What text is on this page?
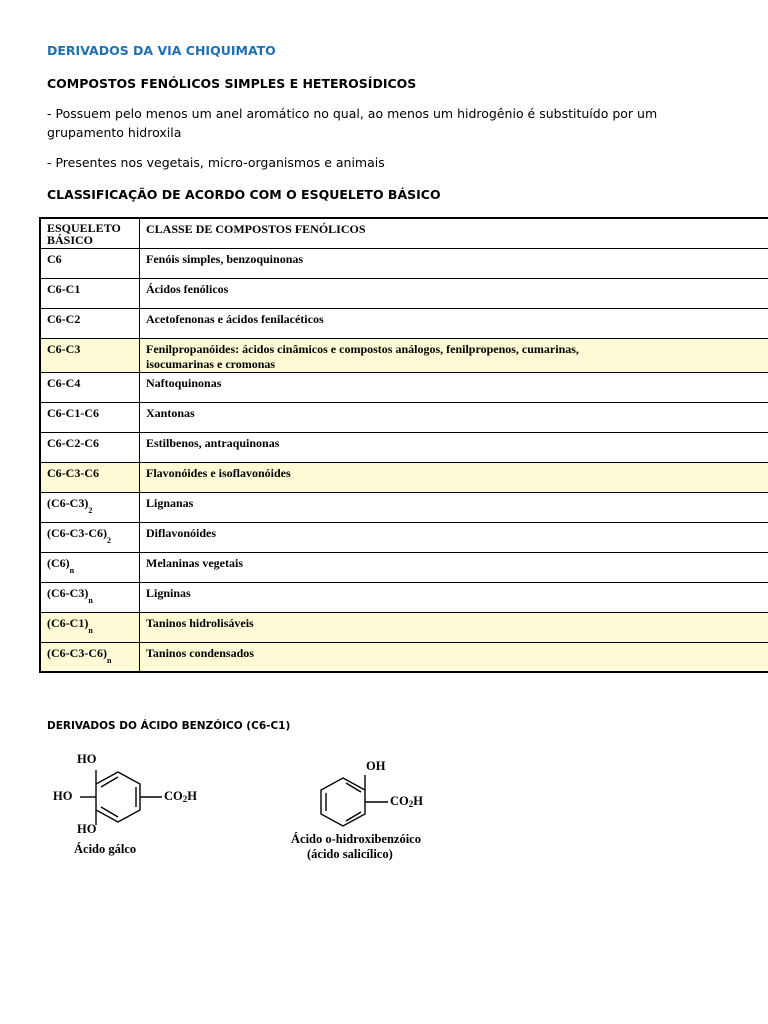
DERIVADOS DA VIA CHIQUIMATO
COMPOSTOS FENÓLICOS SIMPLES E HETEROSÍDICOS
- Possuem pelo menos um anel aromático no qual, ao menos um hidrogênio é substituído por um grupamento hidroxila
- Presentes nos vegetais, micro-organismos e animais
CLASSIFICAÇÃO DE ACORDO COM O ESQUELETO BÁSICO
ESQUELETO BÁSICO	CLASSE DE COMPOSTOS FENÓLICOS
C6	Fenóis simples, benzoquinonas
C6-C1	Ácidos fenólicos
C6-C2	Acetofenonas e ácidos fenilacéticos
C6-C3	Fenilpropanóides: ácidos cinâmicos e compostos análogos, fenilpropenos, cumarinas, isocumarinas e cromonas
C6-C4	Naftoquinonas
C6-C1-C6	Xantonas
C6-C2-C6	Estilbenos, antraquinonas
C6-C3-C6	Flavonóides e isoflavonóides
$(C6-C3)_2$	Lignanas
$(C6-C3-C6)_2$	Diflavonóides
$(C6)_n$	Melaninas vegetais
$(C6-C3)_n$	Ligninas
$(C6-C1)_n$	Taninos hidrolisáveis
$(C6-C3-C6)_n$	Taninos condensados
DERIVADOS DO ÁCIDO BENZÓICO (C6-C1)
HO
HO
HO
$CO_2H$
Ácido gálco
OH
$CO_2H$
Ácido o-hidroxibenzóico
(ácido salicílico)
